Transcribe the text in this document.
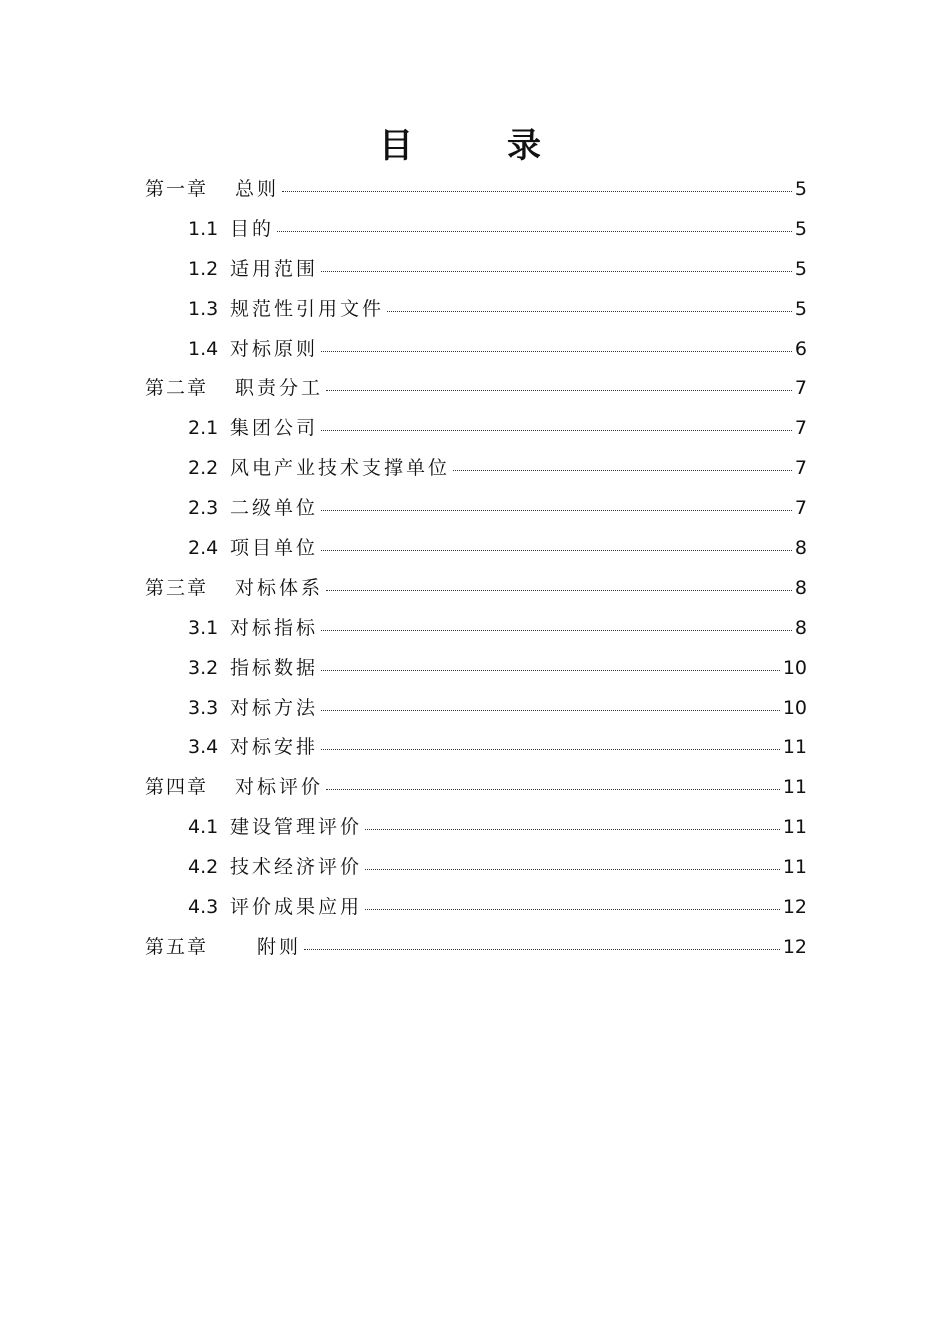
目　录
第一章	总则	5
1.1 目的	5
1.2 适用范围	5
1.3 规范性引用文件	5
1.4 对标原则	6
第二章	职责分工	7
2.1 集团公司	7
2.2 风电产业技术支撑单位	7
2.3 二级单位	7
2.4 项目单位	8
第三章	对标体系	8
3.1 对标指标	8
3.2 指标数据	10
3.3 对标方法	10
3.4 对标安排	11
第四章	对标评价	11
4.1 建设管理评价	11
4.2 技术经济评价	11
4.3 评价成果应用	12
第五章	附则	12
